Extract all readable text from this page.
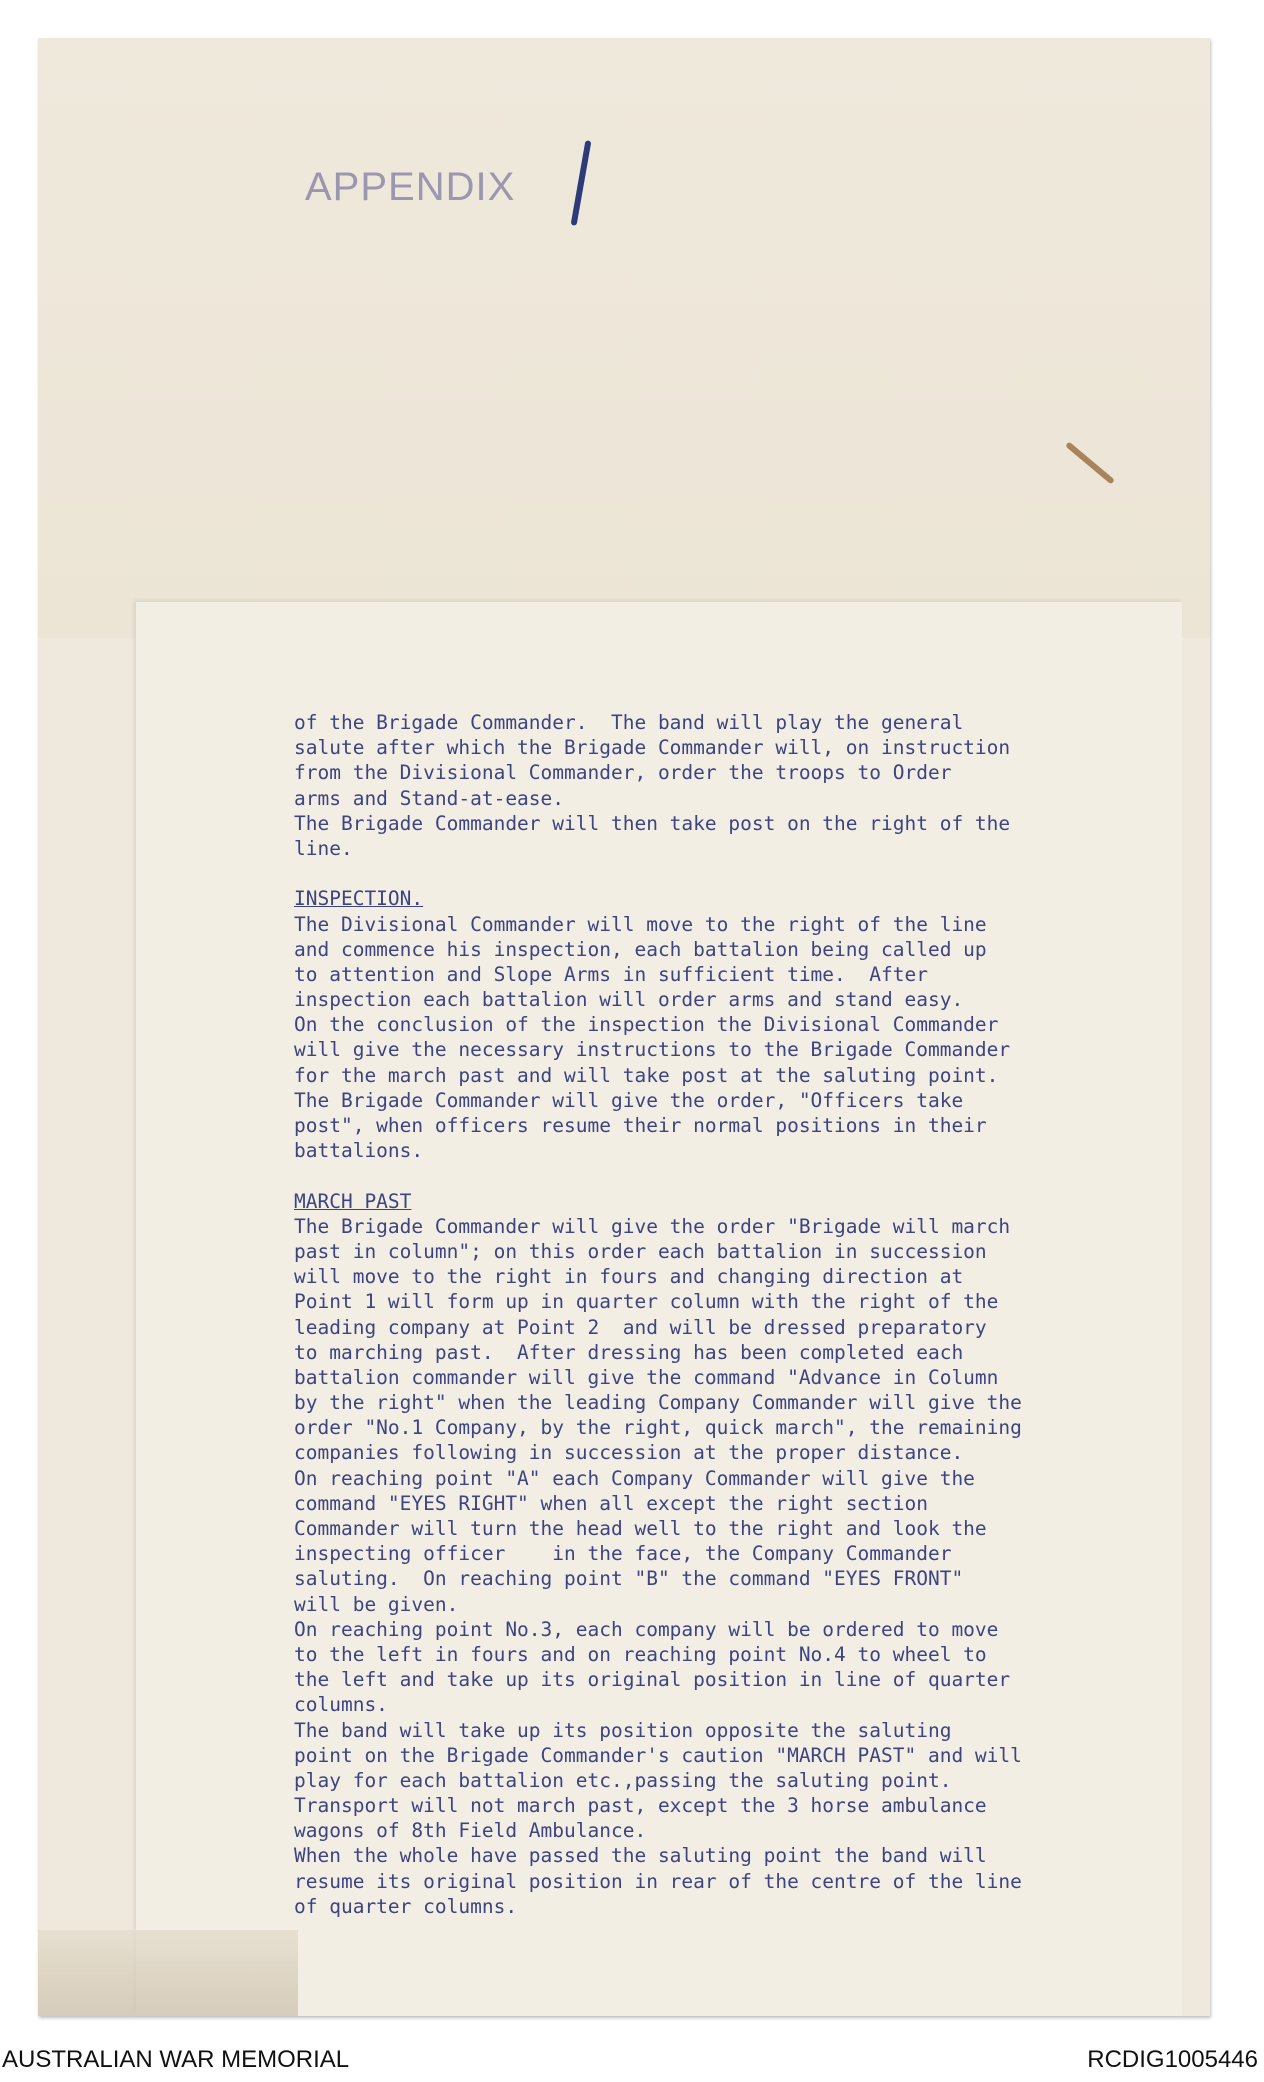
APPENDIX
of the Brigade Commander.  The band will play the general
salute after which the Brigade Commander will, on instruction
from the Divisional Commander, order the troops to Order
arms and Stand-at-ease.
The Brigade Commander will then take post on the right of the
line.
INSPECTION.
The Divisional Commander will move to the right of the line
and commence his inspection, each battalion being called up
to attention and Slope Arms in sufficient time.  After
inspection each battalion will order arms and stand easy.
On the conclusion of the inspection the Divisional Commander
will give the necessary instructions to the Brigade Commander
for the march past and will take post at the saluting point.
The Brigade Commander will give the order, "Officers take
post", when officers resume their normal positions in their
battalions.
MARCH PAST
The Brigade Commander will give the order "Brigade will march
past in column"; on this order each battalion in succession
will move to the right in fours and changing direction at
Point 1 will form up in quarter column with the right of the
leading company at Point 2  and will be dressed preparatory
to marching past.  After dressing has been completed each
battalion commander will give the command "Advance in Column
by the right" when the leading Company Commander will give the
order "No.1 Company, by the right, quick march", the remaining
companies following in succession at the proper distance.
On reaching point "A" each Company Commander will give the
command "EYES RIGHT" when all except the right section
Commander will turn the head well to the right and look the
inspecting officer    in the face, the Company Commander
saluting.  On reaching point "B" the command "EYES FRONT"
will be given.
On reaching point No.3, each company will be ordered to move
to the left in fours and on reaching point No.4 to wheel to
the left and take up its original position in line of quarter
columns.
The band will take up its position opposite the saluting
point on the Brigade Commander's caution "MARCH PAST" and will
play for each battalion etc.,passing the saluting point.
Transport will not march past, except the 3 horse ambulance
wagons of 8th Field Ambulance.
When the whole have passed the saluting point the band will
resume its original position in rear of the centre of the line
of quarter columns.
AUSTRALIAN WAR MEMORIAL	RCDIG1005446
